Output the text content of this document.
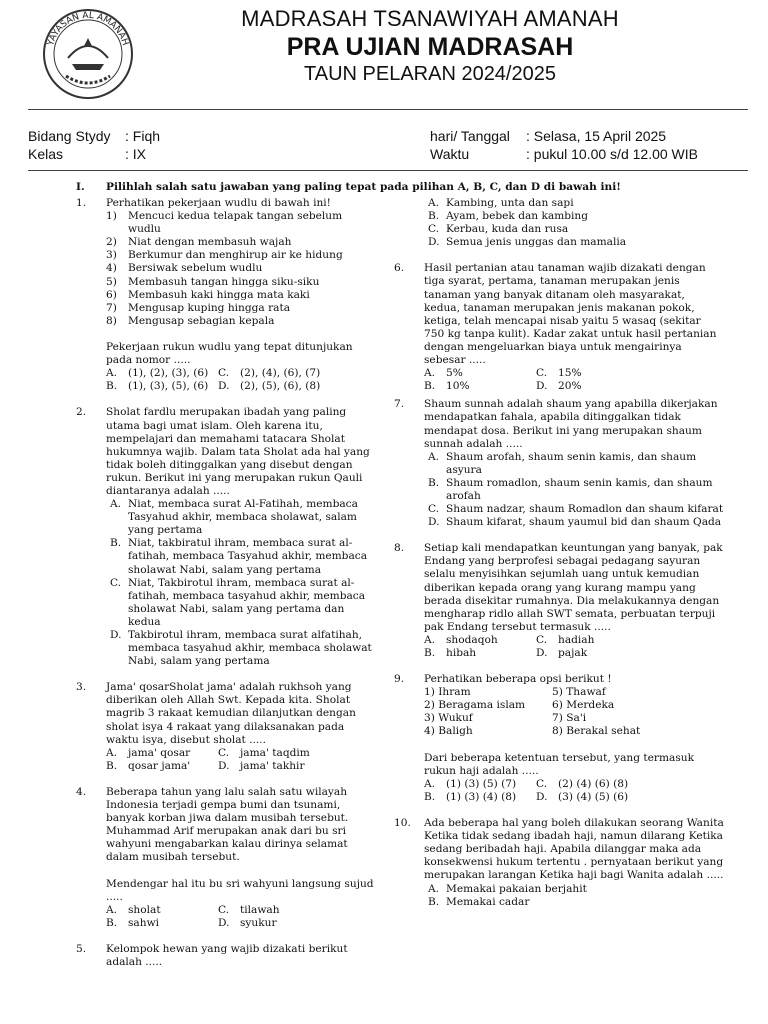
YAYASAN AL AMANAH
MADRASAH TSANAWIYAH AMANAH
PRA UJIAN MADRASAH
TAUN PELARAN 2024/2025
Bidang Stydy : Fiqh
Kelas	: IX
hari/ Tanggal : Selasa, 15 April 2025
Waktu	: pukul 10.00 s/d 12.00 WIB
I. Pilihlah salah satu jawaban yang paling tepat pada pilihan A, B, C, dan D di bawah ini!
1. Perhatikan pekerjaan wudlu di bawah ini!

1) Mencuci kedua telapak tangan sebelum wudlu
2) Niat dengan membasuh wajah
3) Berkumur dan menghirup air ke hidung
4) Bersiwak sebelum wudlu
5) Membasuh tangan hingga siku-siku
6) Membasuh kaki hingga mata kaki
7) Mengusap kuping hingga rata
8) Mengusap sebagian kepala

Pekerjaan rukun wudlu yang tepat ditunjukan pada nomor .....

A. (1), (2), (3), (6) C. (2), (4), (6), (7)
B. (1), (3), (5), (6) D. (2), (5), (6), (8)
2. Sholat fardlu merupakan ibadah yang paling utama bagi umat islam. Oleh karena itu, mempelajari dan memahami tatacara Sholat hukumnya wajib. Dalam tata Sholat ada hal yang tidak boleh ditinggalkan yang disebut dengan rukun. Berikut ini yang merupakan rukun Qauli diantaranya adalah .....

A. Niat, membaca surat Al-Fatihah, membaca Tasyahud akhir, membaca sholawat, salam yang pertama
B. Niat, takbiratul ihram, membaca surat al-fatihah, membaca Tasyahud akhir, membaca sholawat Nabi, salam yang pertama
C. Niat, Takbirotul ihram, membaca surat al-fatihah, membaca tasyahud akhir, membaca sholawat Nabi, salam yang pertama dan kedua
D. Takbirotul ihram, membaca surat alfatihah, membaca tasyahud akhir, membaca sholawat Nabi, salam yang pertama
3. Jama' qosarSholat jama' adalah rukhsoh yang diberikan oleh Allah Swt. Kepada kita. Sholat magrib 3 rakaat kemudian dilanjutkan dengan sholat isya 4 rakaat yang dilaksanakan pada waktu isya, disebut sholat .....

A. jama' qosar	C. jama' taqdim
B. qosar jama'	D. jama' takhir
4. Beberapa tahun yang lalu salah satu wilayah Indonesia terjadi gempa bumi dan tsunami, banyak korban jiwa dalam musibah tersebut. Muhammad Arif merupakan anak dari bu sri wahyuni mengabarkan kalau dirinya selamat dalam musibah tersebut.

Mendengar hal itu bu sri wahyuni langsung sujud .....

A. sholat	C. tilawah
B. sahwi	D. syukur
5. Kelompok hewan yang wajib dizakati berikut adalah .....

A. Kambing, unta dan sapi
B. Ayam, bebek dan kambing
C. Kerbau, kuda dan rusa
D. Semua jenis unggas dan mamalia
6. Hasil pertanian atau tanaman wajib dizakati dengan tiga syarat, pertama, tanaman merupakan jenis tanaman yang banyak ditanam oleh masyarakat, kedua, tanaman merupakan jenis makanan pokok, ketiga, telah mencapai nisab yaitu 5 wasaq (sekitar 750 kg tanpa kulit). Kadar zakat untuk hasil pertanian dengan mengeluarkan biaya untuk mengairinya sebesar .....

A. 5%	C. 15%
B. 10%	D. 20%
7. Shaum sunnah adalah shaum yang apabilla dikerjakan mendapatkan fahala, apabila ditinggalkan tidak mendapat dosa. Berikut ini yang merupakan shaum sunnah adalah .....

A. Shaum arofah, shaum senin kamis, dan shaum asyura
B. Shaum romadlon, shaum senin kamis, dan shaum arofah
C. Shaum nadzar, shaum Romadlon dan shaum kifarat
D. Shaum kifarat, shaum yaumul bid dan shaum Qada
8. Setiap kali mendapatkan keuntungan yang banyak, pak Endang yang berprofesi sebagai pedagang sayuran selalu menyisihkan sejumlah uang untuk kemudian diberikan kepada orang yang kurang mampu yang berada disekitar rumahnya. Dia melakukannya dengan mengharap ridlo allah SWT semata, perbuatan terpuji pak Endang tersebut termasuk .....

A. shodaqoh	C. hadiah
B. hibah	D. pajak
9. Perhatikan beberapa opsi berikut !

1) Ihram	5) Thawaf
2) Beragama islam	6) Merdeka
3) Wukuf	7) Sa'i
4) Baligh	8) Berakal sehat

Dari beberapa ketentuan tersebut, yang termasuk rukun haji adalah .....

A. (1) (3) (5) (7)	C. (2) (4) (6) (8)
B. (1) (3) (4) (8)	D. (3) (4) (5) (6)
10. Ada beberapa hal yang boleh dilakukan seorang Wanita Ketika tidak sedang ibadah haji, namun dilarang Ketika sedang beribadah haji. Apabila dilanggar maka ada konsekwensi hukum tertentu . pernyataan berikut yang merupakan larangan Ketika haji bagi Wanita adalah .....

A. Memakai pakaian berjahit
B. Memakai cadar
